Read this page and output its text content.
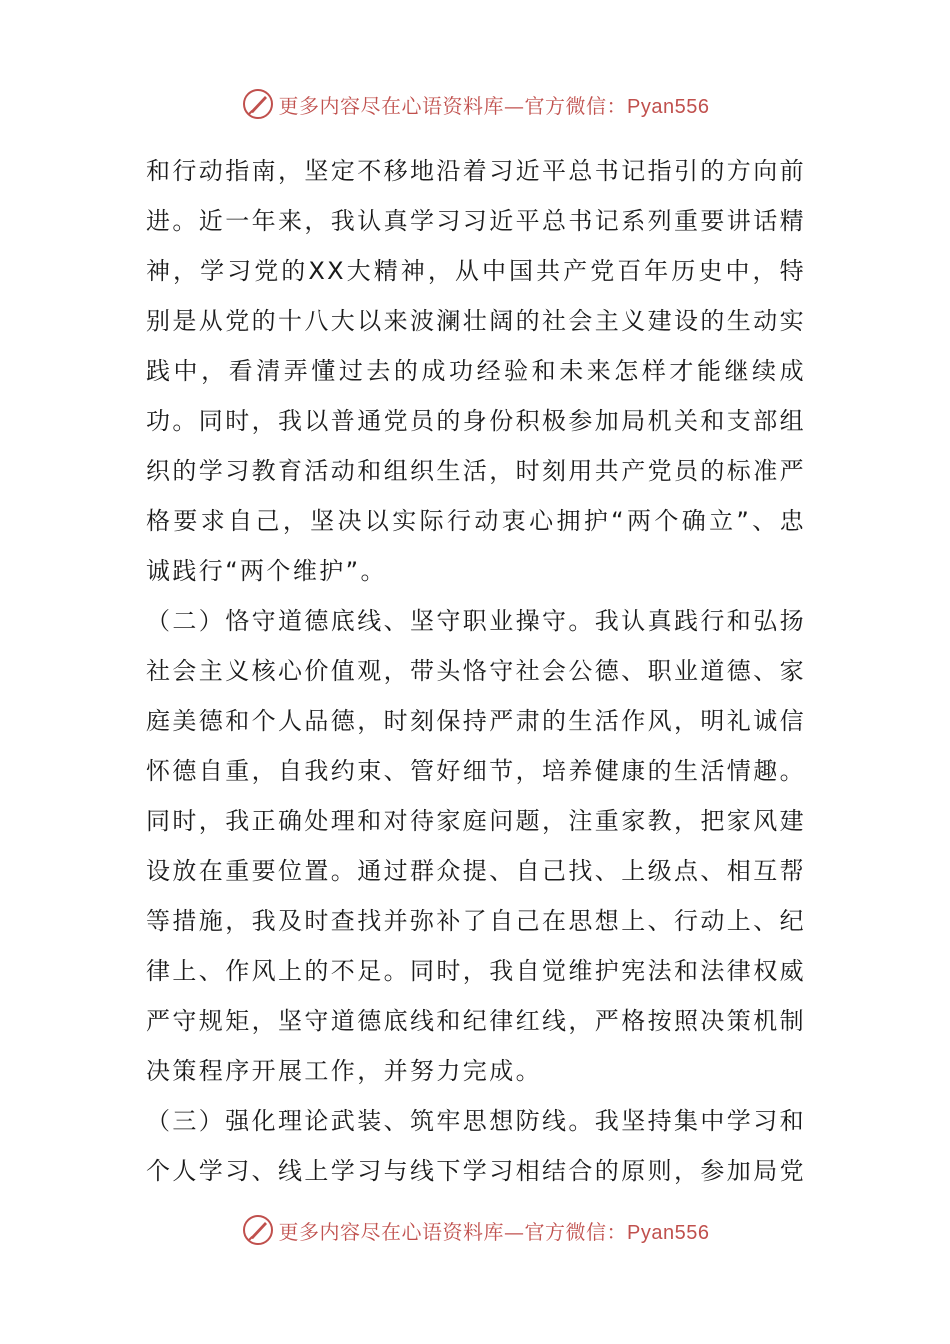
更多内容尽在心语资料库—官方微信：Pyan556

和行动指南，坚定不移地沿着习近平总书记指引的方向前进。近一年来，我认真学习习近平总书记系列重要讲话精神，学习党的XX大精神，从中国共产党百年历史中，特别是从党的十八大以来波澜壮阔的社会主义建设的生动实践中，看清弄懂过去的成功经验和未来怎样才能继续成功。同时，我以普通党员的身份积极参加局机关和支部组织的学习教育活动和组织生活，时刻用共产党员的标准严格要求自己，坚决以实际行动衷心拥护“两个确立”、忠诚践行“两个维护”。

（二）恪守道德底线、坚守职业操守。我认真践行和弘扬社会主义核心价值观，带头恪守社会公德、职业道德、家庭美德和个人品德，时刻保持严肃的生活作风，明礼诚信怀德自重，自我约束、管好细节，培养健康的生活情趣。同时，我正确处理和对待家庭问题，注重家教，把家风建设放在重要位置。通过群众提、自己找、上级点、相互帮等措施，我及时查找并弥补了自己在思想上、行动上、纪律上、作风上的不足。同时，我自觉维护宪法和法律权威严守规矩，坚守道德底线和纪律红线，严格按照决策机制决策程序开展工作，并努力完成。

（三）强化理论武装、筑牢思想防线。我坚持集中学习和个人学习、线上学习与线下学习相结合的原则，参加局党

更多内容尽在心语资料库—官方微信：Pyan556
